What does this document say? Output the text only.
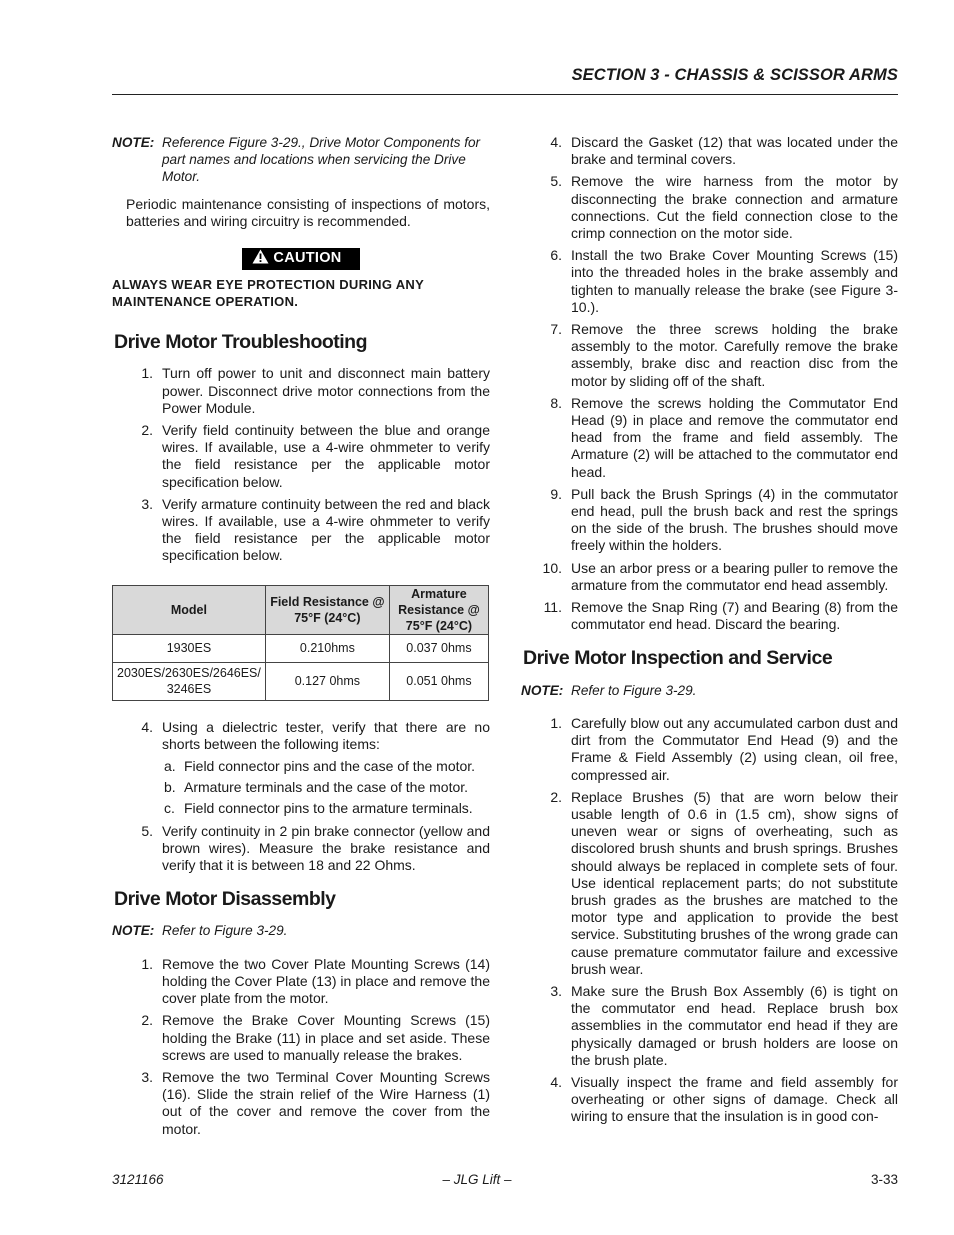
SECTION 3 - CHASSIS & SCISSOR ARMS
NOTE: Reference Figure 3-29., Drive Motor Components for part names and locations when servicing the Drive Motor.
Periodic maintenance consisting of inspections of motors, batteries and wiring circuitry is recommended.
CAUTION
ALWAYS WEAR EYE PROTECTION DURING ANY MAINTENANCE OPERATION.
Drive Motor Troubleshooting
1. Turn off power to unit and disconnect main battery power. Disconnect drive motor connections from the Power Module.
2. Verify field continuity between the blue and orange wires. If available, use a 4-wire ohmmeter to verify the field resistance per the applicable motor specification below.
3. Verify armature continuity between the red and black wires. If available, use a 4-wire ohmmeter to verify the field resistance per the applicable motor specification below.
Model	Field Resistance @ 75°F (24°C)	Armature Resistance @ 75°F (24°C)
1930ES	0.210hms	0.037 0hms
2030ES/2630ES/2646ES/ 3246ES	0.127 0hms	0.051 0hms
4. Using a dielectric tester, verify that there are no shorts between the following items:
a. Field connector pins and the case of the motor.
b. Armature terminals and the case of the motor.
c. Field connector pins to the armature terminals.
5. Verify continuity in 2 pin brake connector (yellow and brown wires). Measure the brake resistance and verify that it is between 18 and 22 Ohms.
Drive Motor Disassembly
NOTE: Refer to Figure 3-29.
1. Remove the two Cover Plate Mounting Screws (14) holding the Cover Plate (13) in place and remove the cover plate from the motor.
2. Remove the Brake Cover Mounting Screws (15) holding the Brake (11) in place and set aside. These screws are used to manually release the brakes.
3. Remove the two Terminal Cover Mounting Screws (16). Slide the strain relief of the Wire Harness (1) out of the cover and remove the cover from the motor.
4. Discard the Gasket (12) that was located under the brake and terminal covers.
5. Remove the wire harness from the motor by disconnecting the brake connection and armature connections. Cut the field connection close to the crimp connection on the motor side.
6. Install the two Brake Cover Mounting Screws (15) into the threaded holes in the brake assembly and tighten to manually release the brake (see Figure 3-10.).
7. Remove the three screws holding the brake assembly to the motor. Carefully remove the brake assembly, brake disc and reaction disc from the motor by sliding off of the shaft.
8. Remove the screws holding the Commutator End Head (9) in place and remove the commutator end head from the frame and field assembly. The Armature (2) will be attached to the commutator end head.
9. Pull back the Brush Springs (4) in the commutator end head, pull the brush back and rest the springs on the side of the brush. The brushes should move freely within the holders.
10. Use an arbor press or a bearing puller to remove the armature from the commutator end head assembly.
11. Remove the Snap Ring (7) and Bearing (8) from the commutator end head. Discard the bearing.
Drive Motor Inspection and Service
NOTE: Refer to Figure 3-29.
1. Carefully blow out any accumulated carbon dust and dirt from the Commutator End Head (9) and the Frame & Field Assembly (2) using clean, oil free, compressed air.
2. Replace Brushes (5) that are worn below their usable length of 0.6 in (1.5 cm), show signs of uneven wear or signs of overheating, such as discolored brush shunts and brush springs. Brushes should always be replaced in complete sets of four. Use identical replacement parts; do not substitute brush grades as the brushes are matched to the motor type and application to provide the best service. Substituting brushes of the wrong grade can cause premature commutator failure and excessive brush wear.
3. Make sure the Brush Box Assembly (6) is tight on the commutator end head. Replace brush box assemblies in the commutator end head if they are physically damaged or brush holders are loose on the brush plate.
4. Visually inspect the frame and field assembly for overheating or other signs of damage. Check all wiring to ensure that the insulation is in good con-
– JLG Lift –
3121166	3-33
